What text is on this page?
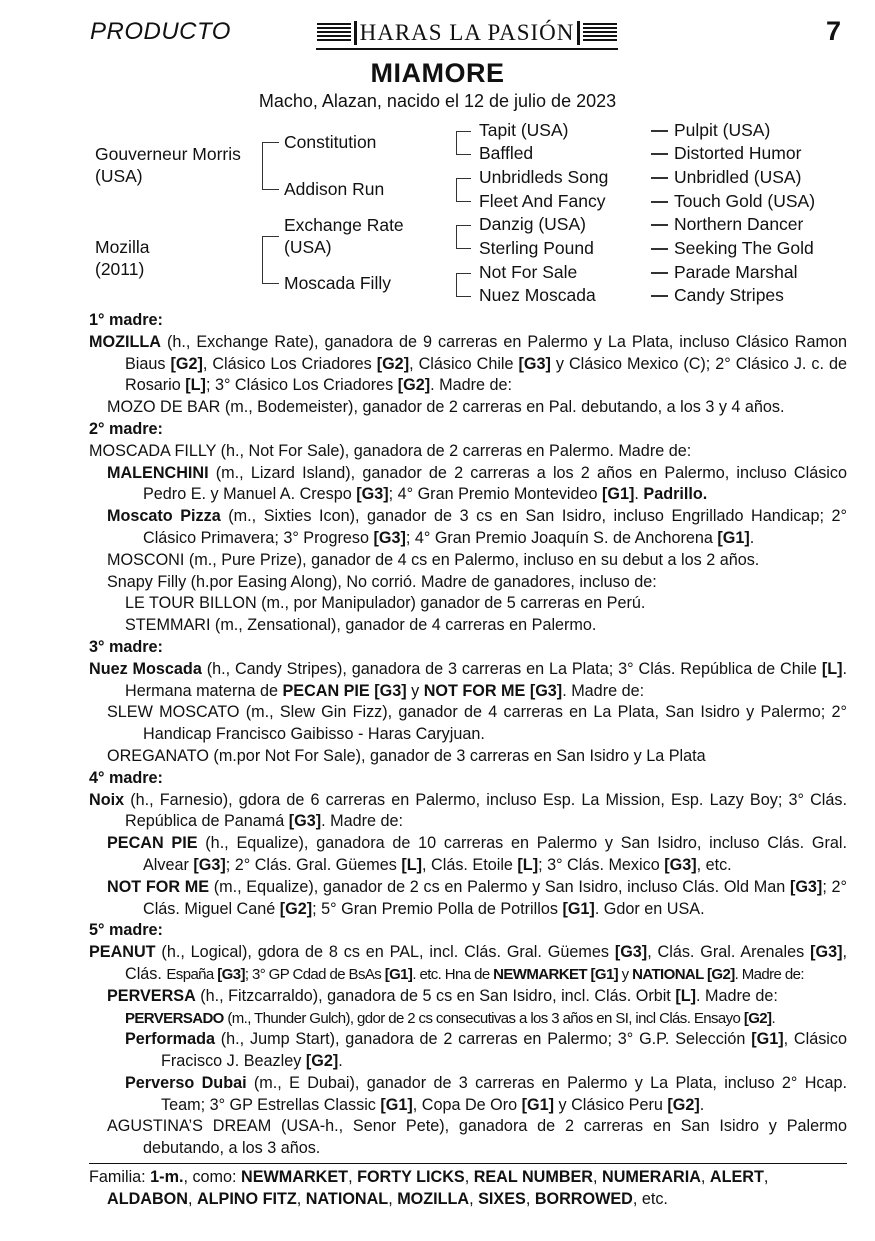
PRODUCTO	HARAS LA PASIÓN	7
MIAMORE
Macho, Alazan, nacido el 12 de julio de 2023
Gouverneur Morris
(USA)
Mozilla
(2011)
Constitution
Addison Run
Exchange Rate
(USA)
Moscada Filly
Tapit (USA)
Baffled
Unbridleds Song
Fleet And Fancy
Danzig (USA)
Sterling Pound
Not For Sale
Nuez Moscada
Pulpit (USA)
Distorted Humor
Unbridled (USA)
Touch Gold (USA)
Northern Dancer
Seeking The Gold
Parade Marshal
Candy Stripes

1° madre:

MOZILLA (h., Exchange Rate), ganadora de 9 carreras en Palermo y La Plata, incluso Clásico Ramon Biaus [G2], Clásico Los Criadores [G2], Clásico Chile [G3] y Clásico Mexico (C); 2° Clásico J. c. de Rosario [L]; 3° Clásico Los Criadores [G2]. Madre de:

MOZO DE BAR (m., Bodemeister), ganador de 2 carreras en Pal. debutando, a los 3 y 4 años.

2° madre:

MOSCADA FILLY (h., Not For Sale), ganadora de 2 carreras en Palermo. Madre de:

MALENCHINI (m., Lizard Island), ganador de 2 carreras a los 2 años en Palermo, incluso Clásico Pedro E. y Manuel A. Crespo [G3]; 4° Gran Premio Montevideo [G1]. Padrillo.

Moscato Pizza (m., Sixties Icon), ganador de 3 cs en San Isidro, incluso Engrillado Handicap; 2° Clásico Primavera; 3° Progreso [G3]; 4° Gran Premio Joaquín S. de Anchorena [G1].

MOSCONI (m., Pure Prize), ganador de 4 cs en Palermo, incluso en su debut a los 2 años.

Snapy Filly (h.por Easing Along), No corrió. Madre de ganadores, incluso de:

LE TOUR BILLON (m., por Manipulador) ganador de 5 carreras en Perú.

STEMMARI (m., Zensational), ganador de 4 carreras en Palermo.

3° madre:

Nuez Moscada (h., Candy Stripes), ganadora de 3 carreras en La Plata; 3° Clás. República de Chile [L]. Hermana materna de PECAN PIE [G3] y NOT FOR ME [G3]. Madre de:

SLEW MOSCATO (m., Slew Gin Fizz), ganador de 4 carreras en La Plata, San Isidro y Palermo; 2° Handicap Francisco Gaibisso - Haras Caryjuan.

OREGANATO (m.por Not For Sale), ganador de 3 carreras en San Isidro y La Plata

4° madre:

Noix (h., Farnesio), gdora de 6 carreras en Palermo, incluso Esp. La Mission, Esp. Lazy Boy; 3° Clás. República de Panamá [G3]. Madre de:

PECAN PIE (h., Equalize), ganadora de 10 carreras en Palermo y San Isidro, incluso Clás. Gral. Alvear [G3]; 2° Clás. Gral. Güemes [L], Clás. Etoile [L]; 3° Clás. Mexico [G3], etc.

NOT FOR ME (m., Equalize), ganador de 2 cs en Palermo y San Isidro, incluso Clás. Old Man [G3]; 2° Clás. Miguel Cané [G2]; 5° Gran Premio Polla de Potrillos [G1]. Gdor en USA.

5° madre:

PEANUT (h., Logical), gdora de 8 cs en PAL, incl. Clás. Gral. Güemes [G3], Clás. Gral. Arenales [G3], Clás. España [G3]; 3° GP Cdad de BsAs [G1]. etc. Hna de NEWMARKET [G1] y NATIONAL [G2]. Madre de:

PERVERSA (h., Fitzcarraldo), ganadora de 5 cs en San Isidro, incl. Clás. Orbit [L]. Madre de:

PERVERSADO (m., Thunder Gulch), gdor de 2 cs consecutivas a los 3 años en SI, incl Clás. Ensayo [G2].

Performada (h., Jump Start), ganadora de 2 carreras en Palermo; 3° G.P. Selección [G1], Clásico Fracisco J. Beazley [G2].

Perverso Dubai (m., E Dubai), ganador de 3 carreras en Palermo y La Plata, incluso 2° Hcap. Team; 3° GP Estrellas Classic [G1], Copa De Oro [G1] y Clásico Peru [G2].

AGUSTINA’S DREAM (USA-h., Senor Pete), ganadora de 2 carreras en San Isidro y Palermo debutando, a los 3 años.

Familia: 1-m., como: NEWMARKET, FORTY LICKS, REAL NUMBER, NUMERARIA, ALERT,
ALDABON, ALPINO FITZ, NATIONAL, MOZILLA, SIXES, BORROWED, etc.
